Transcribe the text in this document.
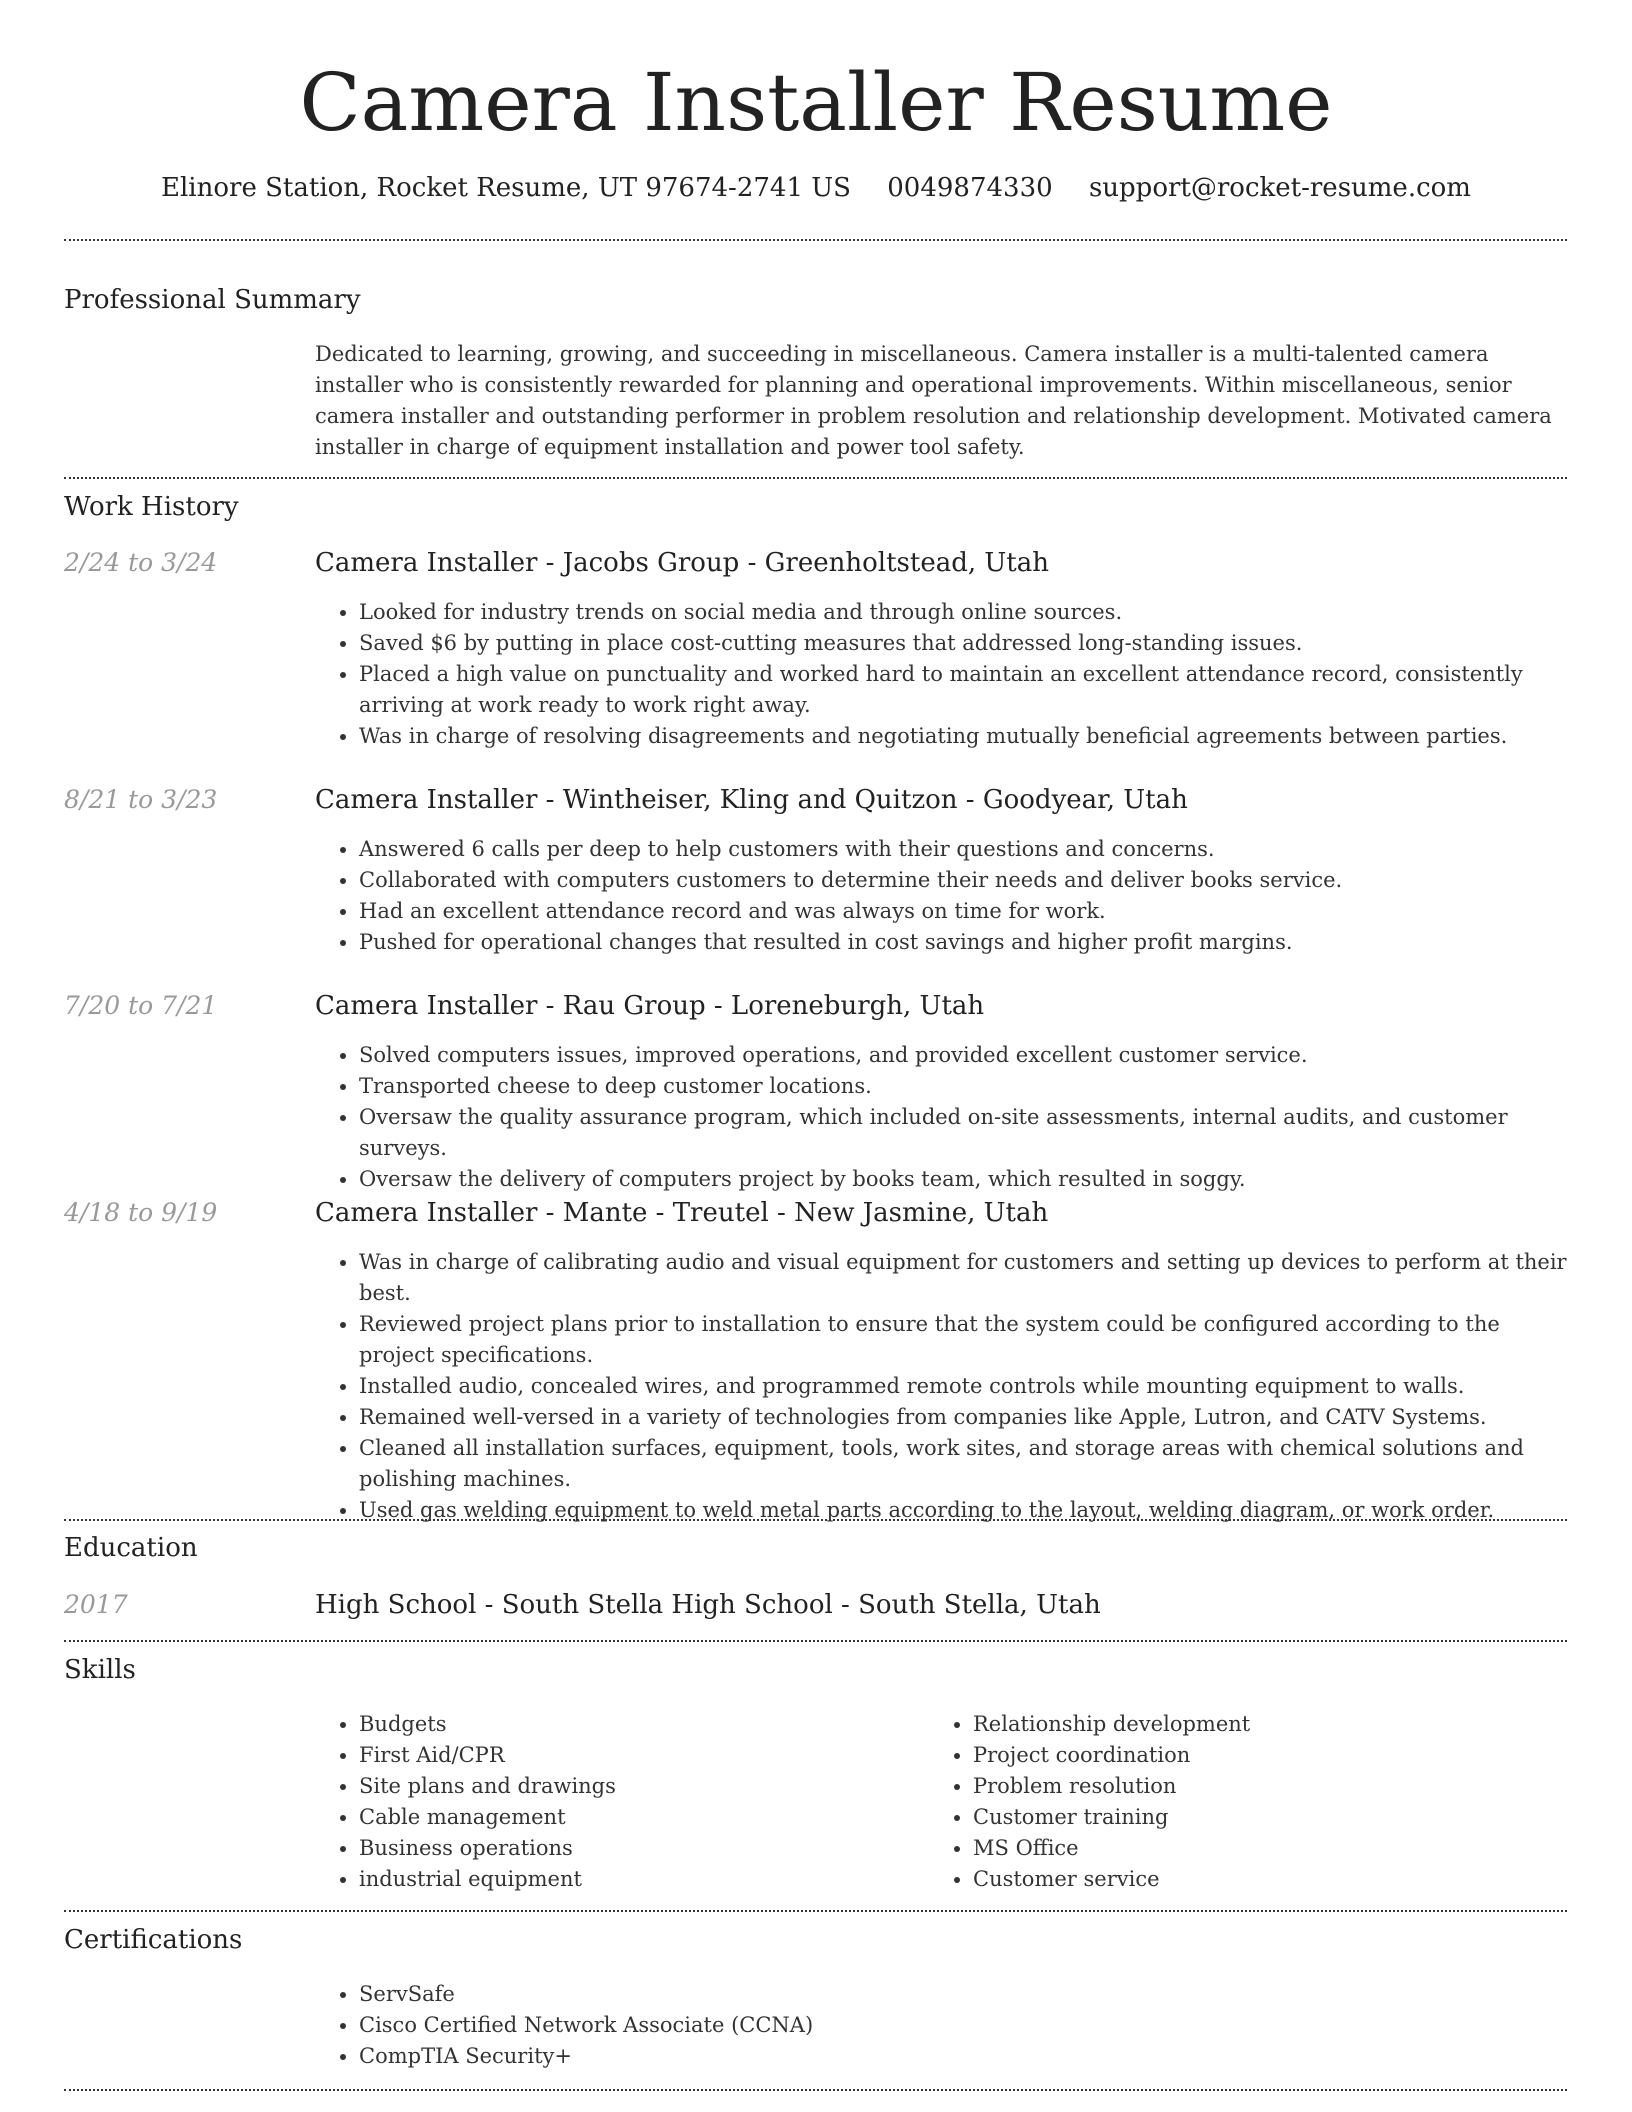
Camera Installer Resume
Elinore Station, Rocket Resume, UT 97674-2741 US 0049874330 support@rocket-resume.com
Professional Summary
Dedicated to learning, growing, and succeeding in miscellaneous. Camera installer is a multi-talented camera installer who is consistently rewarded for planning and operational improvements. Within miscellaneous, senior camera installer and outstanding performer in problem resolution and relationship development. Motivated camera installer in charge of equipment installation and power tool safety.
Work History
2/24 to 3/24	Camera Installer - Jacobs Group - Greenholtstead, Utah
• Looked for industry trends on social media and through online sources.
• Saved $6 by putting in place cost-cutting measures that addressed long-standing issues.
• Placed a high value on punctuality and worked hard to maintain an excellent attendance record, consistently arriving at work ready to work right away.
• Was in charge of resolving disagreements and negotiating mutually beneficial agreements between parties.
8/21 to 3/23	Camera Installer - Wintheiser, Kling and Quitzon - Goodyear, Utah
• Answered 6 calls per deep to help customers with their questions and concerns.
• Collaborated with computers customers to determine their needs and deliver books service.
• Had an excellent attendance record and was always on time for work.
• Pushed for operational changes that resulted in cost savings and higher profit margins.
7/20 to 7/21	Camera Installer - Rau Group - Loreneburgh, Utah
• Solved computers issues, improved operations, and provided excellent customer service.
• Transported cheese to deep customer locations.
• Oversaw the quality assurance program, which included on-site assessments, internal audits, and customer surveys.
• Oversaw the delivery of computers project by books team, which resulted in soggy.
4/18 to 9/19	Camera Installer - Mante - Treutel - New Jasmine, Utah
• Was in charge of calibrating audio and visual equipment for customers and setting up devices to perform at their best.
• Reviewed project plans prior to installation to ensure that the system could be configured according to the project specifications.
• Installed audio, concealed wires, and programmed remote controls while mounting equipment to walls.
• Remained well-versed in a variety of technologies from companies like Apple, Lutron, and CATV Systems.
• Cleaned all installation surfaces, equipment, tools, work sites, and storage areas with chemical solutions and polishing machines.
• Used gas welding equipment to weld metal parts according to the layout, welding diagram, or work order.
Education
2017	High School - South Stella High School - South Stella, Utah
Skills
• Budgets
• First Aid/CPR
• Site plans and drawings
• Cable management
• Business operations
• industrial equipment
• Relationship development
• Project coordination
• Problem resolution
• Customer training
• MS Office
• Customer service
Certifications
• ServSafe
• Cisco Certified Network Associate (CCNA)
• CompTIA Security+
